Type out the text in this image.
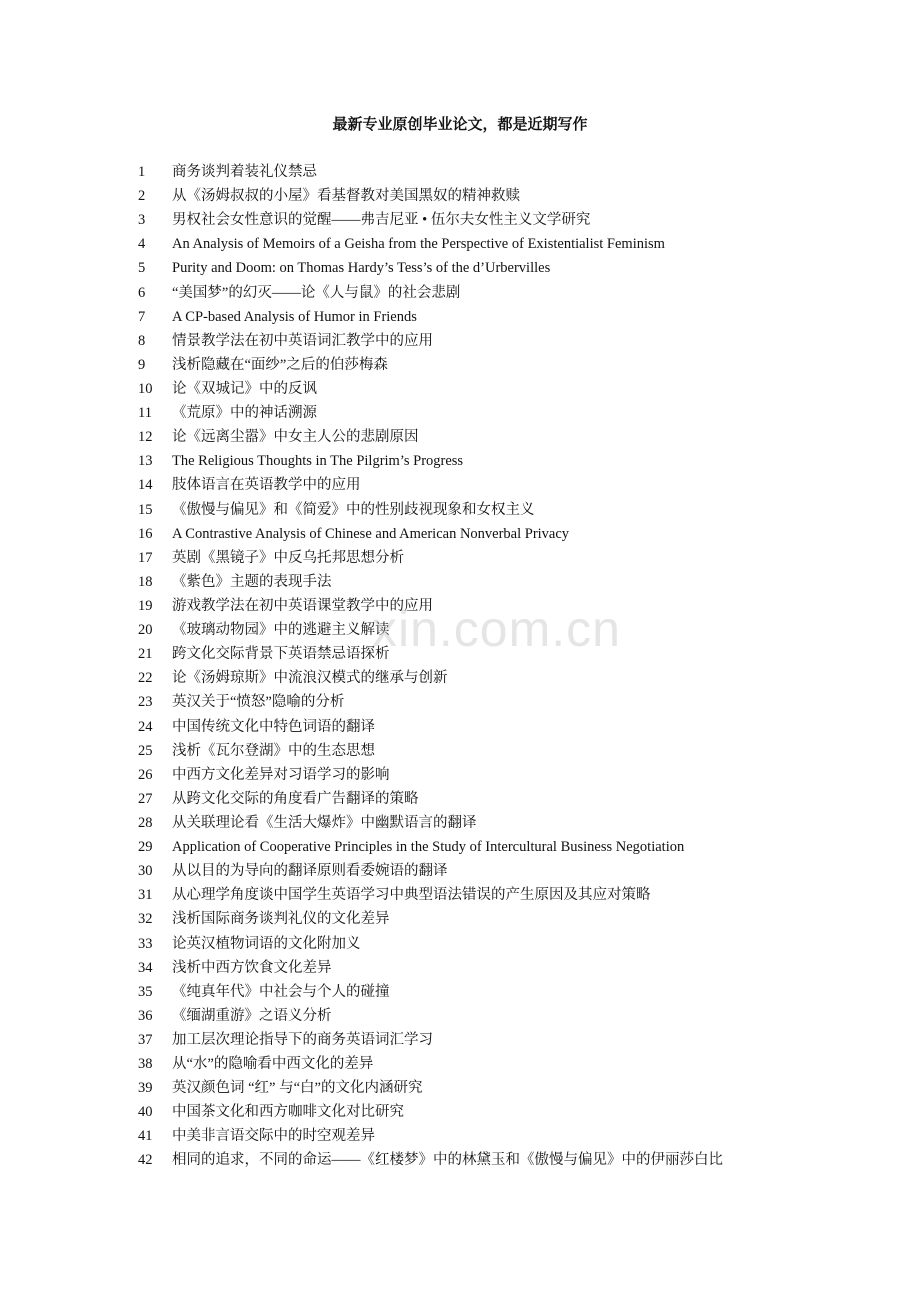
最新专业原创毕业论文，都是近期写作
1	商务谈判着装礼仪禁忌
2	从《汤姆叔叔的小屋》看基督教对美国黑奴的精神救赎
3	男权社会女性意识的觉醒——弗吉尼亚 • 伍尔夫女性主义文学研究
4	An Analysis of Memoirs of a Geisha from the Perspective of Existentialist Feminism
5	Purity and Doom: on Thomas Hardy’s Tess’s of the d’Urbervilles
6	“美国梦”的幻灭——论《人与鼠》的社会悲剧
7	A CP-based Analysis of Humor in Friends
8	情景教学法在初中英语词汇教学中的应用
9	浅析隐藏在“面纱”之后的伯莎梅森
10	论《双城记》中的反讽
11	《荒原》中的神话溯源
12	论《远离尘嚣》中女主人公的悲剧原因
13	The Religious Thoughts in The Pilgrim’s Progress
14	肢体语言在英语教学中的应用
15	《傲慢与偏见》和《简爱》中的性别歧视现象和女权主义
16	A Contrastive Analysis of Chinese and American Nonverbal Privacy
17	英剧《黑镜子》中反乌托邦思想分析
18	《紫色》主题的表现手法
19	游戏教学法在初中英语课堂教学中的应用
20	《玻璃动物园》中的逃避主义解读
21	跨文化交际背景下英语禁忌语探析
22	论《汤姆琼斯》中流浪汉模式的继承与创新
23	英汉关于“愤怒”隐喻的分析
24	中国传统文化中特色词语的翻译
25	浅析《瓦尔登湖》中的生态思想
26	中西方文化差异对习语学习的影响
27	从跨文化交际的角度看广告翻译的策略
28	从关联理论看《生活大爆炸》中幽默语言的翻译
29	Application of Cooperative Principles in the Study of Intercultural Business Negotiation
30	从以目的为导向的翻译原则看委婉语的翻译
31	从心理学角度谈中国学生英语学习中典型语法错误的产生原因及其应对策略
32	浅析国际商务谈判礼仪的文化差异
33	论英汉植物词语的文化附加义
34	浅析中西方饮食文化差异
35	《纯真年代》中社会与个人的碰撞
36	《缅湖重游》之语义分析
37	加工层次理论指导下的商务英语词汇学习
38	从“水”的隐喻看中西文化的差异
39	英汉颜色词 “红” 与“白”的文化内涵研究
40	中国茶文化和西方咖啡文化对比研究
41	中美非言语交际中的时空观差异
42	相同的追求，不同的命运——《红楼梦》中的林黛玉和《傲慢与偏见》中的伊丽莎白比
xin.com.cn
